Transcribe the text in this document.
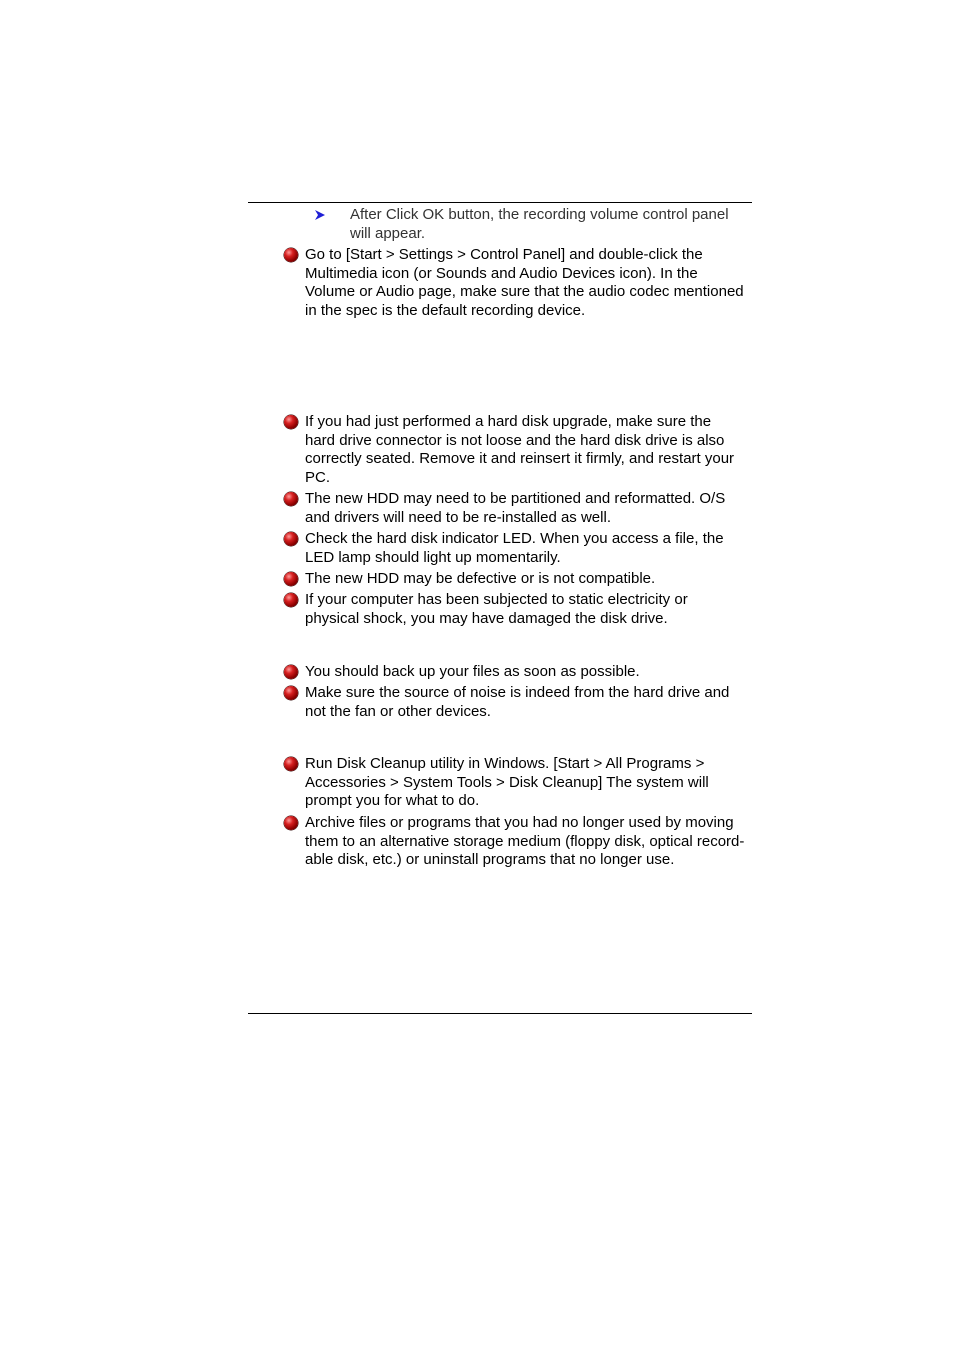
After Click OK button, the recording volume control panel will appear.
Go to [Start > Settings > Control Panel] and double-click the Multimedia icon (or Sounds and Audio Devices icon). In the Volume or Audio page, make sure that the audio codec mentioned in the spec is the default recording device.
If you had just performed a hard disk upgrade, make sure the hard drive connector is not loose and the hard disk drive is also correctly seated. Remove it and reinsert it firmly, and restart your PC.
The new HDD may need to be partitioned and reformatted. O/S and drivers will need to be re-installed as well.
Check the hard disk indicator LED. When you access a file, the LED lamp should light up momentarily.
The new HDD may be defective or is not compatible.
If your computer has been subjected to static electricity or physical shock, you may have damaged the disk drive.
You should back up your files as soon as possible.
Make sure the source of noise is indeed from the hard drive and not the fan or other devices.
Run Disk Cleanup utility in Windows. [Start > All Programs > Accessories > System Tools > Disk Cleanup] The system will prompt you for what to do.
Archive files or programs that you had no longer used by moving them to an alternative storage medium (floppy disk, optical record-able disk, etc.) or uninstall programs that no longer use.
